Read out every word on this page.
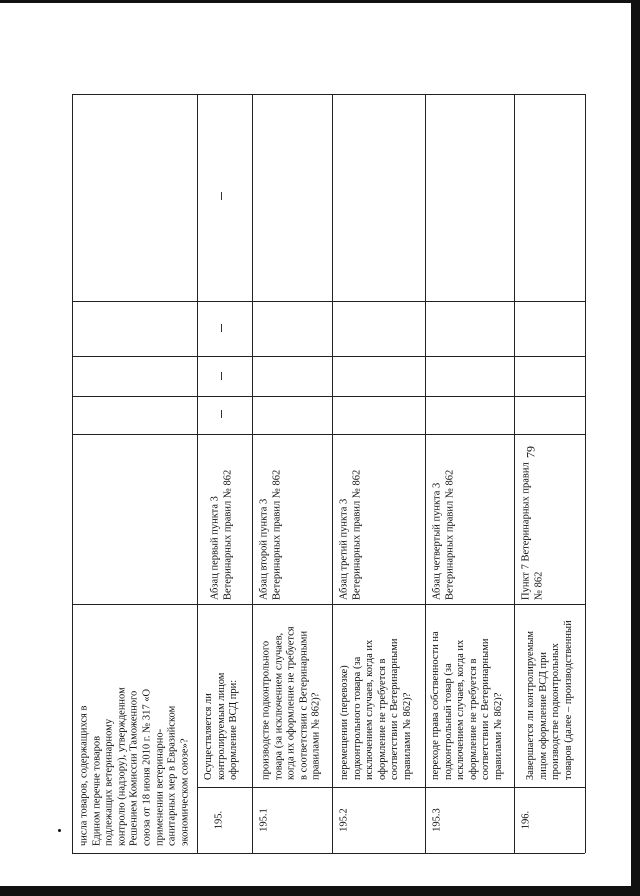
79
числа товаров, содержащихся в
Едином перечне товаров
подлежащих ветеринарному
контролю (надзору), утвержденном
Решением Комиссии Таможенного
союза от 18 июня 2010 г. № 317 «О
применении ветеринарно-
санитарных мер в Евразийском
экономическом союзе»?
195.
Осуществляется ли
контролируемым лицом
оформление ВСД при:
Абзац первый пункта 3
Ветеринарных правил № 862
195.1
производстве подконтрольного
товара (за исключением случаев,
когда их оформление не требуется
в соответствии с Ветеринарными
правилами № 862)?
Абзац второй пункта 3
Ветеринарных правил № 862
195.2
перемещении (перевозке)
подконтрольного товара (за
исключением случаев, когда их
оформление не требуется в
соответствии с Ветеринарными
правилами № 862)?
Абзац третий пункта 3
Ветеринарных правил № 862
195.3
переходе права собственности на
подконтрольный товар (за
исключением случаев, когда их
оформление не требуется в
соответствии с Ветеринарными
правилами № 862)?
Абзац четвертый пункта 3
Ветеринарных правил № 862
196.
Завершается ли контролируемым
лицом оформление ВСД при
производстве подконтрольных
товаров (далее – производственный
Пункт 7 Ветеринарных правил
№ 862
